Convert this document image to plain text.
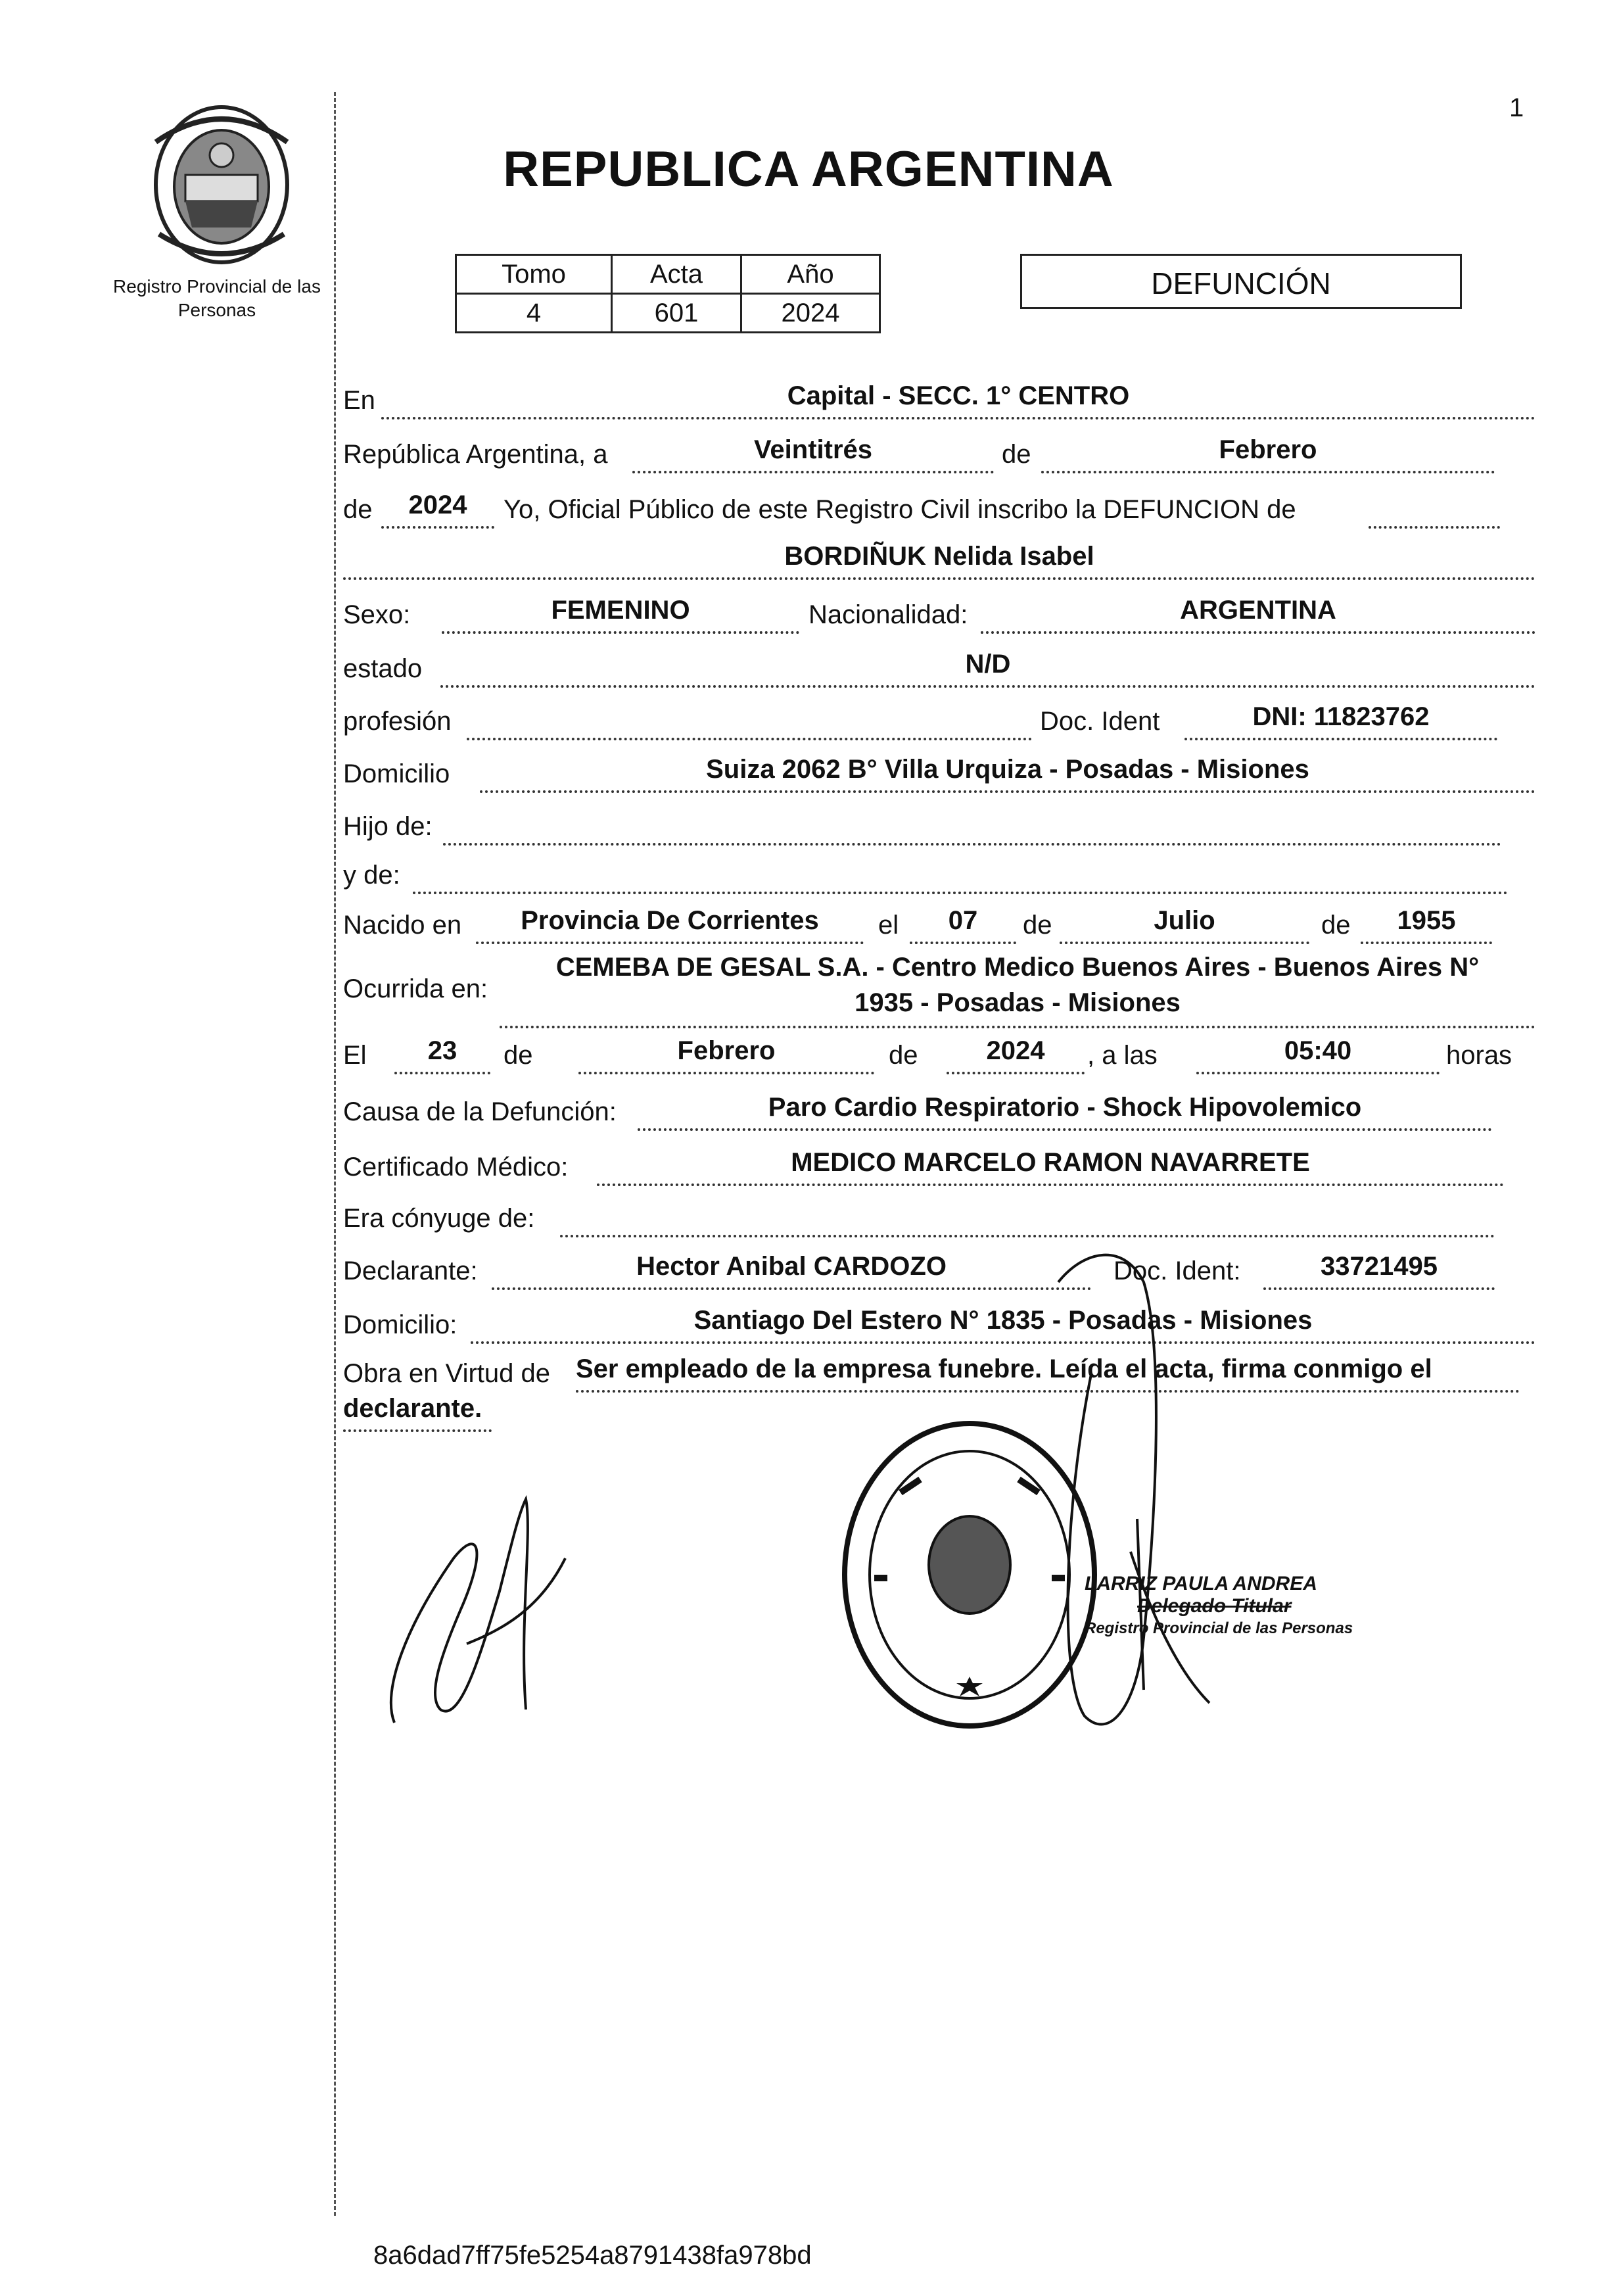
1
Registro Provincial de las Personas
REPUBLICA ARGENTINA
Tomo	Acta	Año
4	601	2024
DEFUNCIÓN
En	Capital - SECC. 1° CENTRO
República Argentina, a	Veintitrés	de	Febrero
de	2024	Yo, Oficial Público de este Registro Civil inscribo la DEFUNCION de
BORDIÑUK Nelida Isabel
Sexo:	FEMENINO	Nacionalidad:	ARGENTINA
estado	N/D
profesión	Doc. Ident	DNI: 11823762
Domicilio	Suiza 2062 B° Villa Urquiza - Posadas - Misiones
Hijo de:
y de:
Nacido en	Provincia De Corrientes	el	07	de	Julio	de	1955
Ocurrida en:
CEMEBA DE GESAL S.A. - Centro Medico Buenos Aires - Buenos Aires N°
1935 - Posadas - Misiones
El	23	de	Febrero	de	2024	, a las	05:40	horas
Causa de la Defunción:	Paro Cardio Respiratorio - Shock Hipovolemico
Certificado Médico:	MEDICO MARCELO RAMON NAVARRETE
Era cónyuge de:
Declarante:	Hector Anibal CARDOZO	Doc. Ident:	33721495
Domicilio:	Santiago Del Estero N° 1835 - Posadas - Misiones
Obra en Virtud de Ser empleado de la empresa funebre. Leída el acta, firma conmigo el
declarante.
LARRIZ PAULA ANDREA
Delegado Titular
Registro Provincial de las Personas
8a6dad7ff75fe5254a8791438fa978bd
